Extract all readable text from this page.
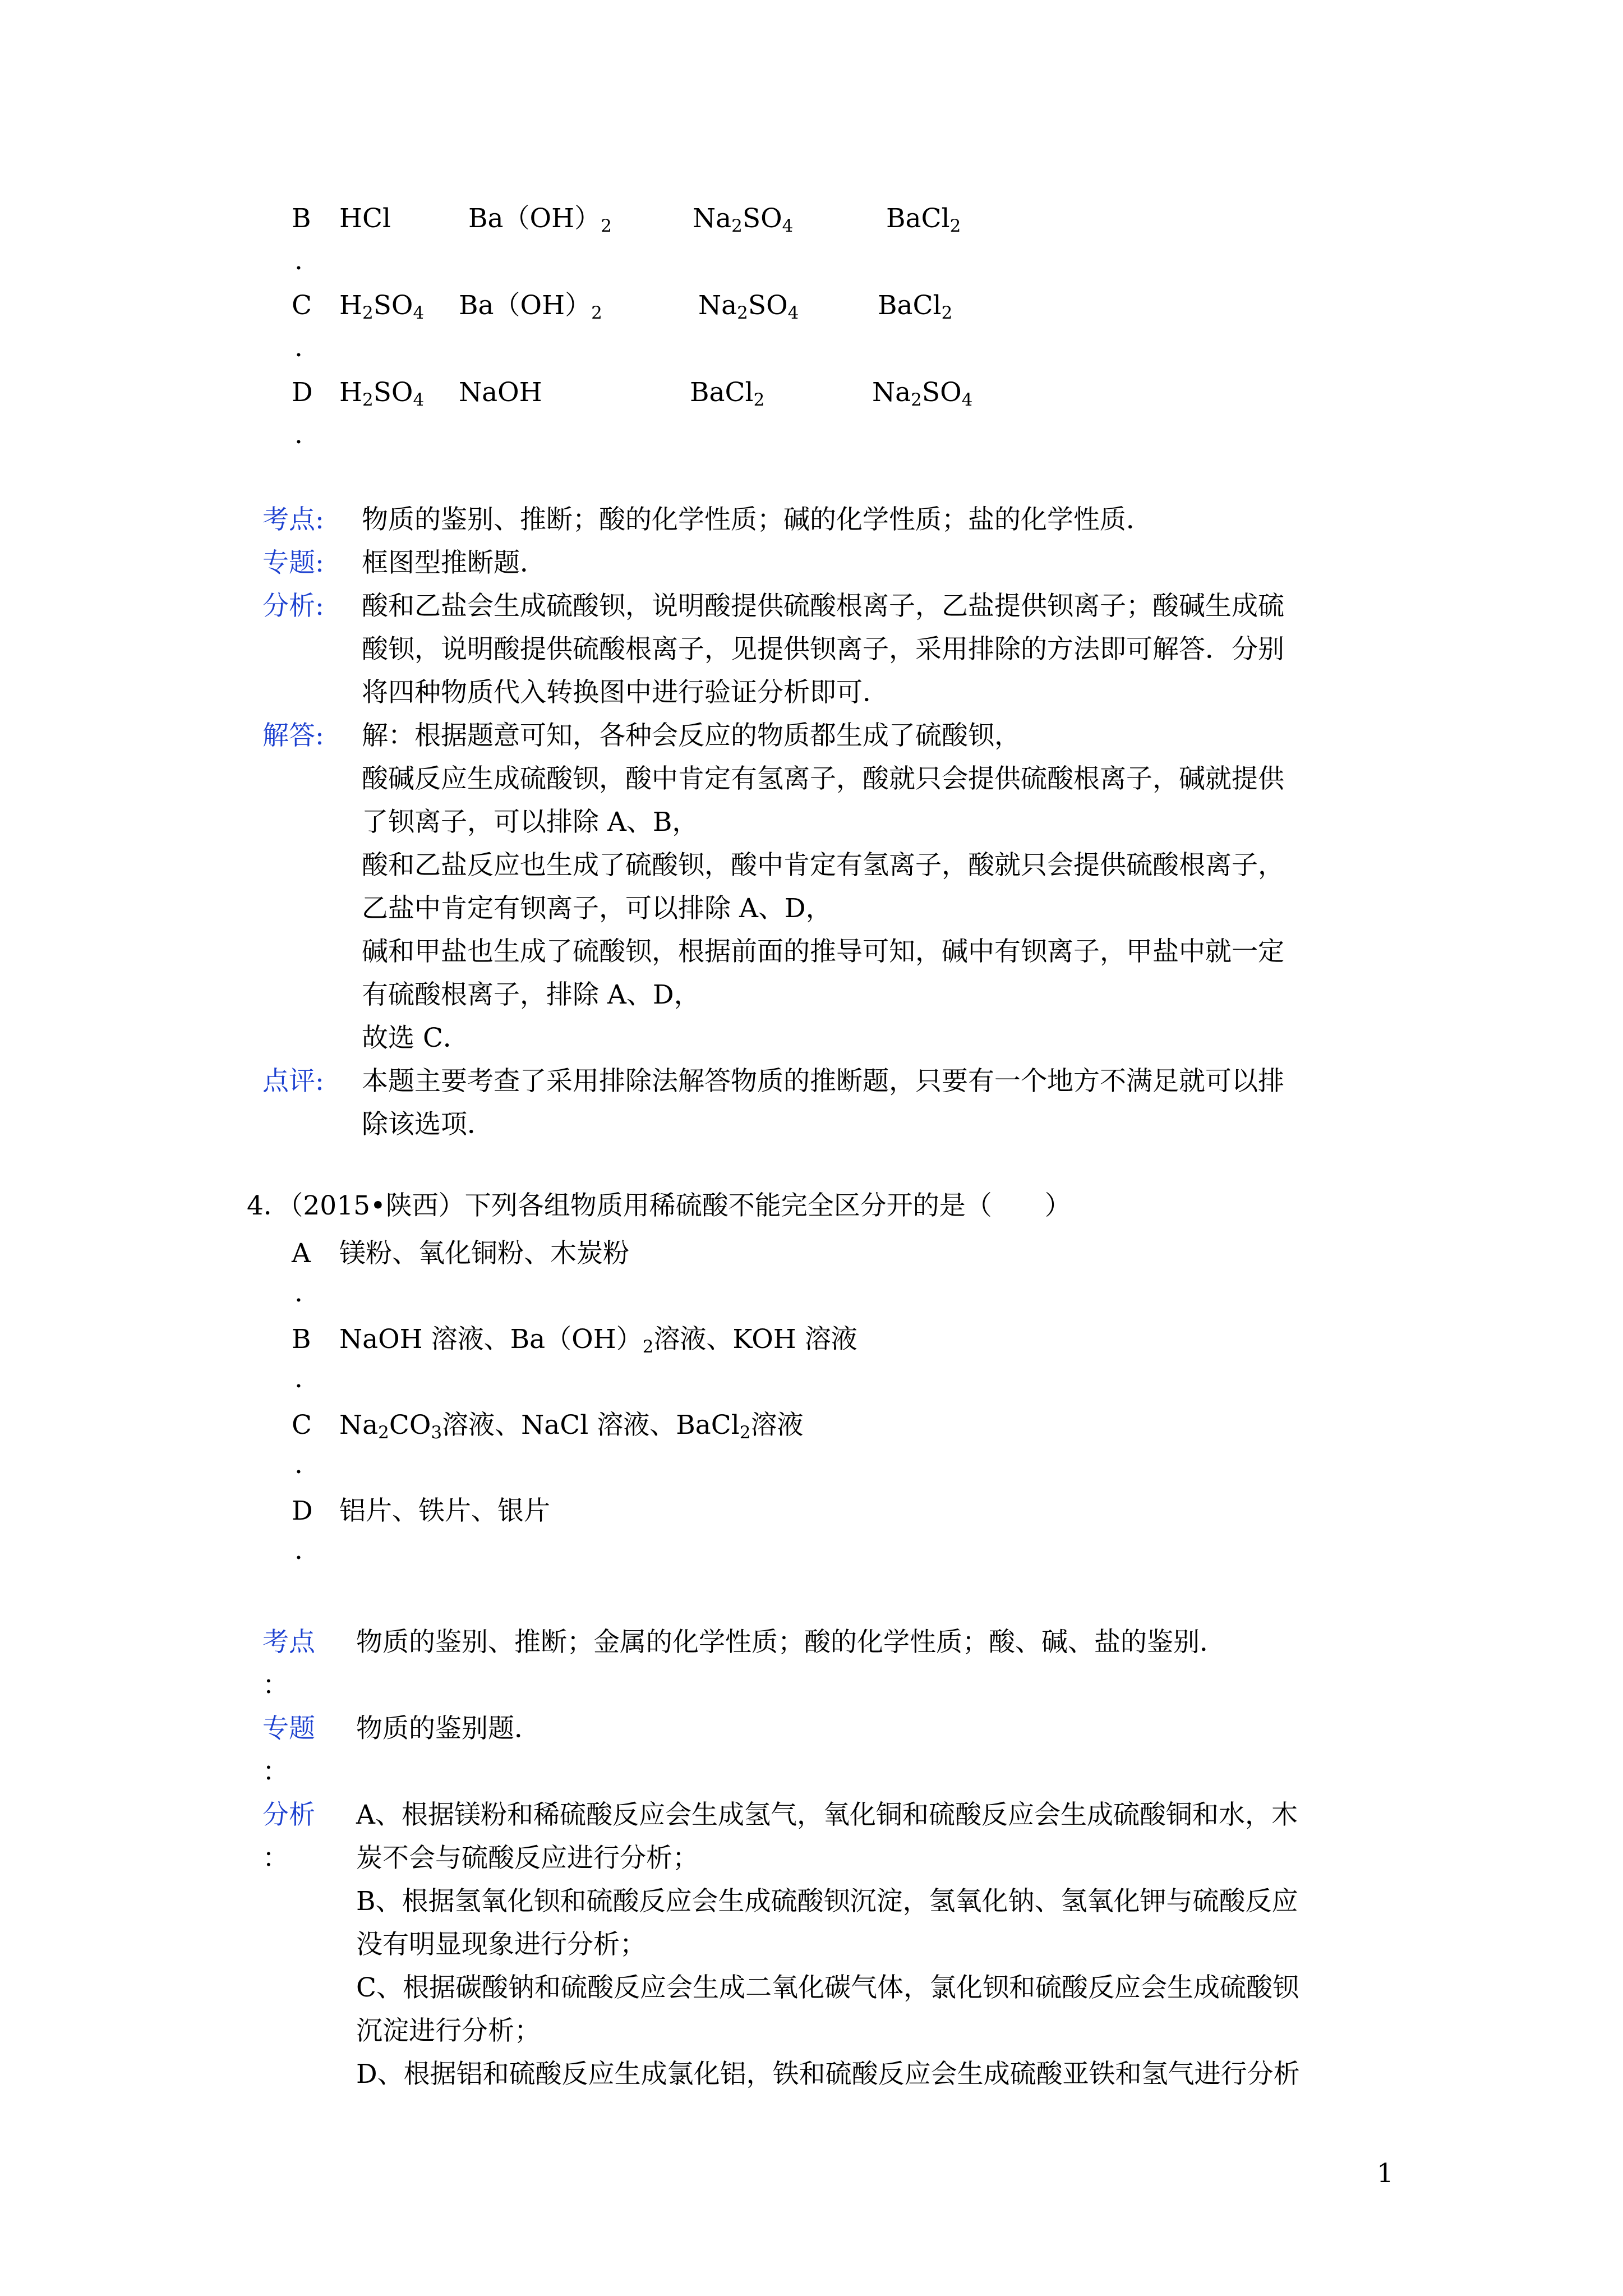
B HCl	$Ba(OH)_2$	$Na_2SO_4$	BaCl$_2$
.
C $H_2SO_4$ $Ba(OH)_2$	$Na_2SO_4$	BaCl$_2$
.
D $H_2SO_4$ NaOH	BaCl$_2$	$Na_2SO_4$
.
考点: 物质的鉴别、推断；酸的化学性质；碱的化学性质；盐的化学性质．
专题: 框图型推断题．
分析: 酸和乙盐会生成硫酸钡，说明酸提供硫酸根离子，乙盐提供钡离子；酸碱生成硫
酸钡，说明酸提供硫酸根离子，见提供钡离子，采用排除的方法即可解答．分别
将四种物质代入转换图中进行验证分析即可．
解答: 解：根据题意可知，各种会反应的物质都生成了硫酸钡，
酸碱反应生成硫酸钡，酸中肯定有氢离子，酸就只会提供硫酸根离子，碱就提供
了钡离子，可以排除 A、B，
酸和乙盐反应也生成了硫酸钡，酸中肯定有氢离子，酸就只会提供硫酸根离子，
乙盐中肯定有钡离子，可以排除 A、D，
碱和甲盐也生成了硫酸钡，根据前面的推导可知，碱中有钡离子，甲盐中就一定
有硫酸根离子，排除 A、D，
故选 C．
点评: 本题主要考查了采用排除法解答物质的推断题，只要有一个地方不满足就可以排
除该选项．
4．（2015•陕西）下列各组物质用稀硫酸不能完全区分开的是（　　）
A 镁粉、氧化铜粉、木炭粉
.
B NaOH 溶液、$Ba(OH)_2$溶液、KOH 溶液
.
C $Na_2CO_3$溶液、NaCl 溶液、BaCl$_2$溶液
.
D 铝片、铁片、银片
.
考点 物质的鉴别、推断；金属的化学性质；酸的化学性质；酸、碱、盐的鉴别．
：
专题 物质的鉴别题．
：
分析
：
A、根据镁粉和稀硫酸反应会生成氢气，氧化铜和硫酸反应会生成硫酸铜和水，木
炭不会与硫酸反应进行分析；
B、根据氢氧化钡和硫酸反应会生成硫酸钡沉淀，氢氧化钠、氢氧化钾与硫酸反应
没有明显现象进行分析；
C、根据碳酸钠和硫酸反应会生成二氧化碳气体，氯化钡和硫酸反应会生成硫酸钡
沉淀进行分析；
D、根据铝和硫酸反应生成氯化铝，铁和硫酸反应会生成硫酸亚铁和氢气进行分析
1
